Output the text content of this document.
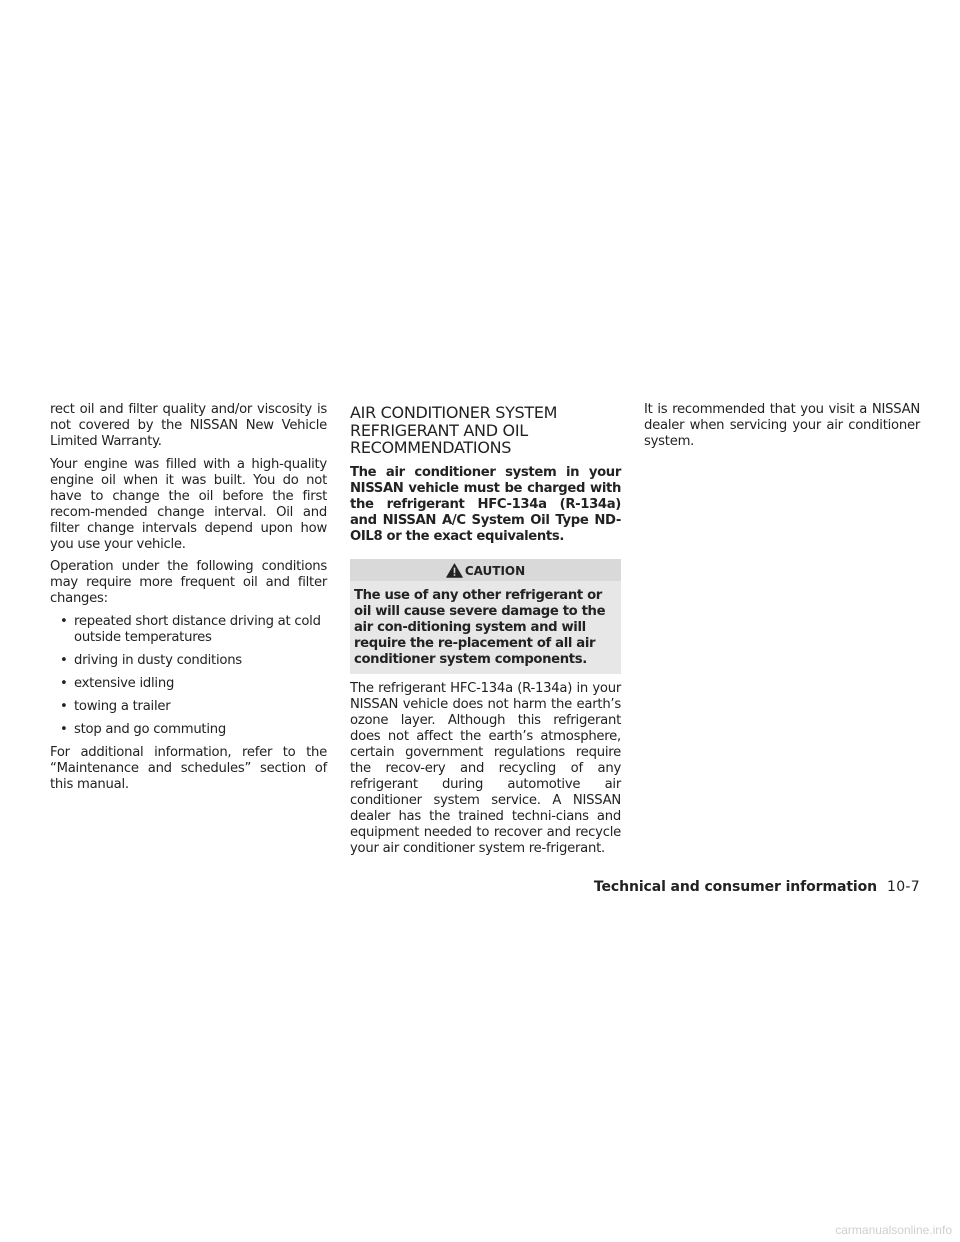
rect oil and filter quality and/or viscosity is not covered by the NISSAN New Vehicle Limited Warranty.

Your engine was filled with a high-quality engine oil when it was built. You do not have to change the oil before the first recom-mended change interval. Oil and filter change intervals depend upon how you use your vehicle.

Operation under the following conditions may require more frequent oil and filter changes:

• repeated short distance driving at cold outside temperatures
• driving in dusty conditions
• extensive idling
• towing a trailer
• stop and go commuting

For additional information, refer to the “Maintenance and schedules” section of this manual.

AIR CONDITIONER SYSTEM REFRIGERANT AND OIL RECOMMENDATIONS

The air conditioner system in your NISSAN vehicle must be charged with the refrigerant HFC-134a (R-134a) and NISSAN A/C System Oil Type ND-OIL8 or the exact equivalents.

CAUTION
The use of any other refrigerant or oil will cause severe damage to the air con-ditioning system and will require the re-placement of all air conditioner system components.

The refrigerant HFC-134a (R-134a) in your NISSAN vehicle does not harm the earth’s ozone layer. Although this refrigerant does not affect the earth’s atmosphere, certain government regulations require the recov-ery and recycling of any refrigerant during automotive air conditioner system service. A NISSAN dealer has the trained techni-cians and equipment needed to recover and recycle your air conditioner system re-frigerant.

It is recommended that you visit a NISSAN dealer when servicing your air conditioner system.

Technical and consumer information 10-7
carmanualsonline.info
